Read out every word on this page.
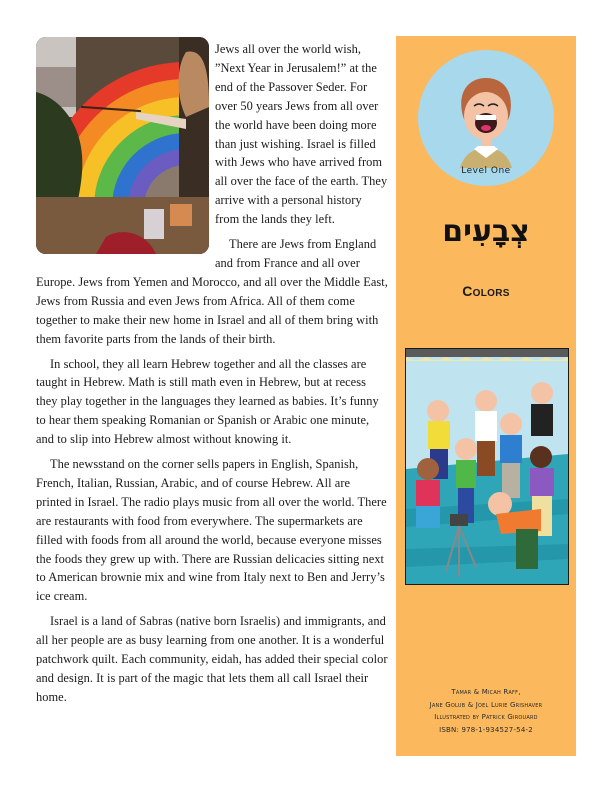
Jews all over the world wish, ”Next Year in Jerusalem!” at the end of the Passover Seder. For over 50 years Jews from all over the world have been doing more than just wishing. Israel is filled with Jews who have arrived from all over the face of the earth. They arrive with a personal history from the lands they left.

There are Jews from England and from France and all over Europe. Jews from Yemen and Morocco, and all over the Middle East, Jews from Russia and even Jews from Africa. All of them come together to make their new home in Israel and all of them bring with them favorite parts from the lands of their birth.

In school, they all learn Hebrew together and all the classes are taught in Hebrew. Math is still math even in Hebrew, but at recess they play together in the languages they learned as babies. It’s funny to hear them speaking Romanian or Spanish or Arabic one minute, and to slip into Hebrew almost without knowing it.

The newsstand on the corner sells papers in English, Spanish, French, Italian, Russian, Arabic, and of course Hebrew. All are printed in Israel. The radio plays music from all over the world. There are restaurants with food from everywhere. The supermarkets are filled with foods from all around the world, because everyone misses the foods they grew up with. There are Russian delicacies sitting next to American brownie mix and wine from Italy next to Ben and Jerry’s ice cream.

Israel is a land of Sabras (native born Israelis) and immigrants, and all her people are as busy learning from one another. It is a wonderful patchwork quilt. Each community, eidah, has added their special color and design. It is part of the magic that lets them all call Israel their home.

Level One
צְבָעִים
Colors
Tamar & Micah Raff,
Jane Golub & Joel Lurie Grishaver
Illustrated by Patrick Girouard
ISBN: 978-1-934527-54-2
